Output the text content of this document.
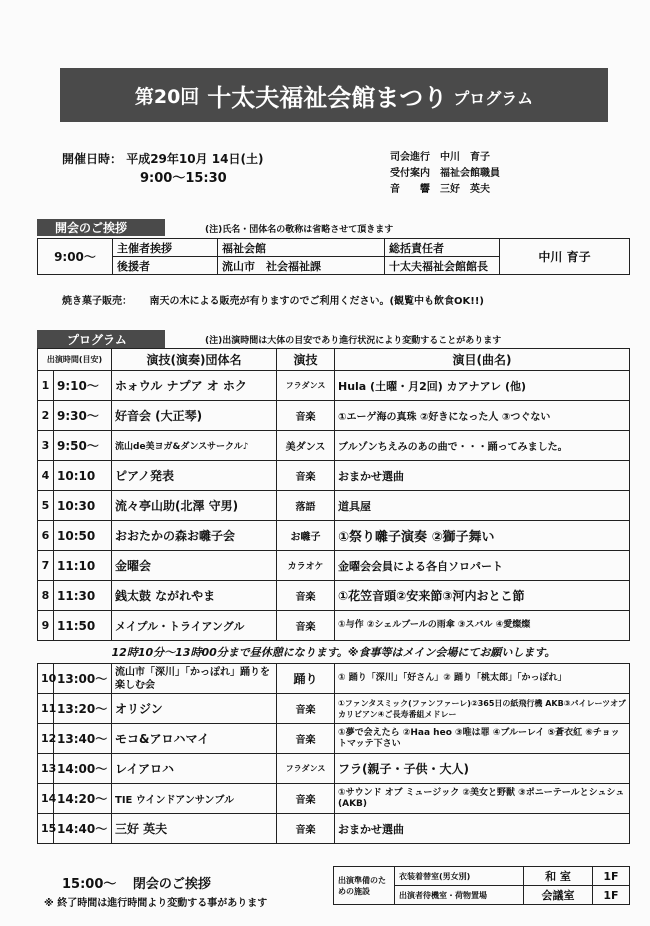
第20回 十太夫福祉会館まつり プログラム
開催日時： 平成29年10月 14日(土)
9:00〜15:30
司会進行　 中川　育子
受付案内　 福祉会館職員
音　　響　 三好　英夫
開会のご挨拶	(注)氏名・団体名の敬称は省略させて頂きます
9:00〜	主催者挨拶	福祉会館	総括責任者	中川 育子
	後援者	流山市　社会福祉課	十太夫福祉会館館長	
焼き菓子販売： 南天の木による販売が有りますのでご利用ください。(観覧中も飲食OK!!)
プログラム	(注)出演時間は大体の目安であり進行状況により変動することがあります
出演時間(目安)		演技(演奏)団体名	演技	演目(曲名)
1	9:10〜	ホォウル ナプア オ ホク	フラダンス	Hula (土曜・月2回) カアナアレ (他)
2	9:30〜	好音会 (大正琴)	音楽	①エーゲ海の真珠 ②好きになった人 ③つぐない
3	9:50〜	流山de美ヨガ&ダンスサークル♪	美ダンス	ブルゾンちえみのあの曲で・・・踊ってみました。
4	10:10	ピアノ発表	音楽	おまかせ選曲
5	10:30	流々亭山助(北澤 守男)	落語	道具屋
6	10:50	おおたかの森お囃子会	お囃子	①祭り囃子演奏 ②獅子舞い
7	11:10	金曜会	カラオケ	金曜会会員による各自ソロパート
8	11:30	銭太鼓 ながれやま	音楽	①花笠音頭②安来節③河内おとこ節
9	11:50	メイプル・トライアングル	音楽	①与作 ②シェルブールの雨傘 ③スバル ④愛燦燦
12時10分〜13時00分まで昼休憩になります。※食事等はメイン会場にてお願いします。				
10	13:00〜	流山市「深川」「かっぽれ」踊りを楽しむ会	踊り	① 踊り「深川」「好さん」② 踊り「桃太郎」「かっぽれ」
11	13:20〜	オリジン	音楽	①ファンタスミック(ファンファーレ)②365日の紙飛行機 AKB③パイレーツオブカリビアン④ご長寿番組メドレー
12	13:40〜	モコ&アロハマイ	音楽	①夢で会えたら ②Haa heo ③唯は罪 ④ブルーレイ ⑤蒼衣紅 ⑥チョットマッテ下さい
13	14:00〜	レイアロハ	フラダンス	フラ(親子・子供・大人)
14	14:20〜	TIE ウインドアンサンブル	音楽	①サウンド オブ ミュージック ②美女と野獣 ③ポニーテールとシュシュ(AKB)
15	14:40〜	三好 英夫	音楽	おまかせ選曲
15:00〜 閉会のご挨拶
※ 終了時間は進行時間より変動する事があります
出演準備のための施設	衣装着替室(男女別)	和 室	1F
	出演者待機室・荷物置場	会議室	1F
